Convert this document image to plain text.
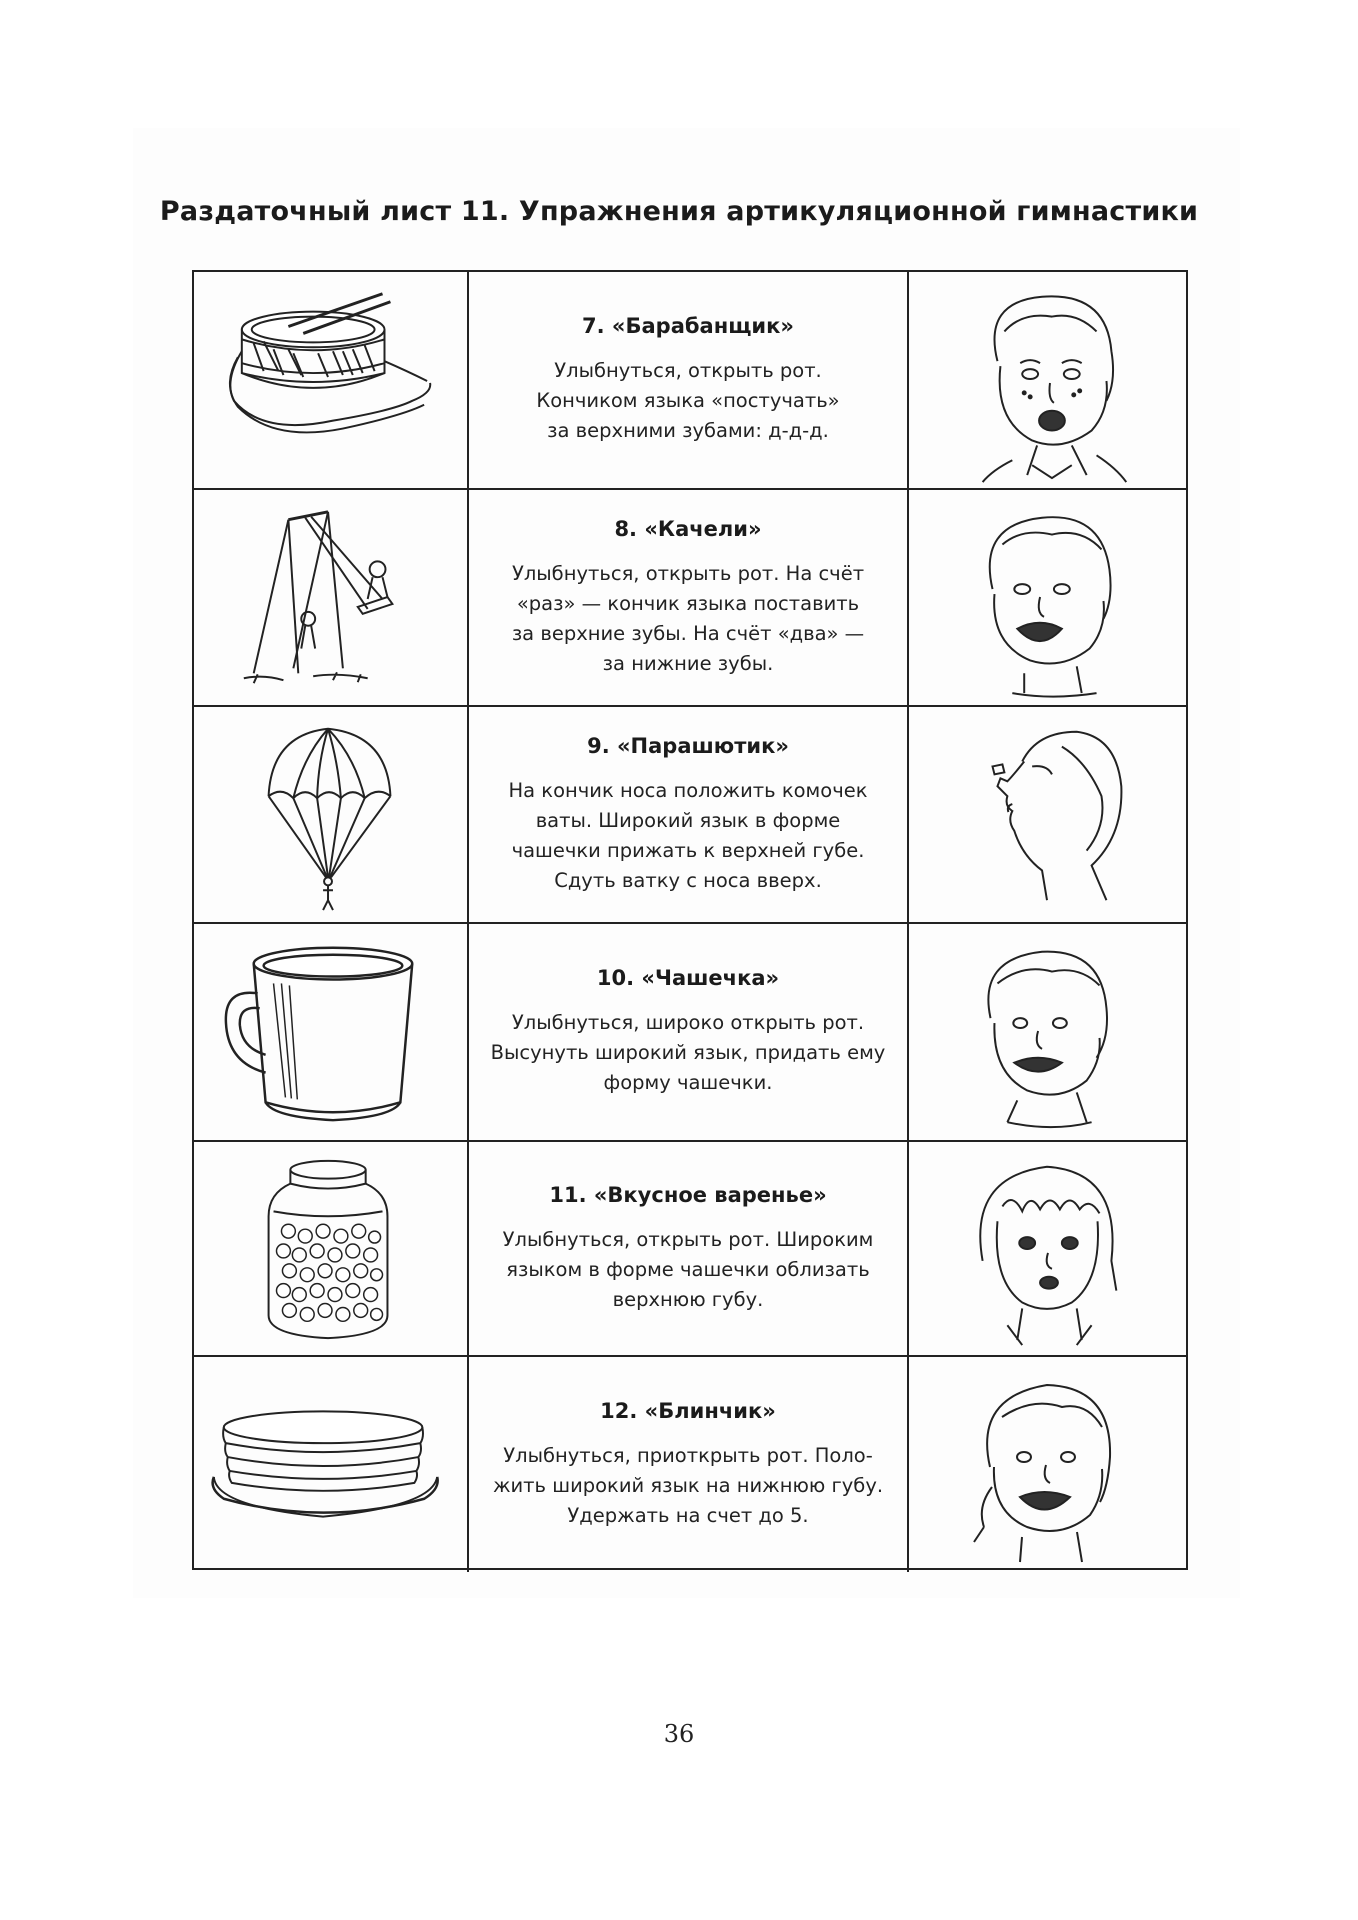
Раздаточный лист 11. Упражнения артикуляционной гимнастики
7. «Барабанщик»
Улыбнуться, открыть рот.
Кончиком языка «постучать»
за верхними зубами: д-д-д.
8. «Качели»
Улыбнуться, открыть рот. На счёт
«раз» — кончик языка поставить
за верхние зубы. На счёт «два» —
за нижние зубы.
9. «Парашютик»
На кончик носа положить комочек
ваты. Широкий язык в форме
чашечки прижать к верхней губе.
Сдуть ватку с носа вверх.
10. «Чашечка»
Улыбнуться, широко открыть рот.
Высунуть широкий язык, придать ему
форму чашечки.
11. «Вкусное варенье»
Улыбнуться, открыть рот. Широким
языком в форме чашечки облизать
верхнюю губу.
12. «Блинчик»
Улыбнуться, приоткрыть рот. Поло-
жить широкий язык на нижнюю губу.
Удержать на счет до 5.
36
